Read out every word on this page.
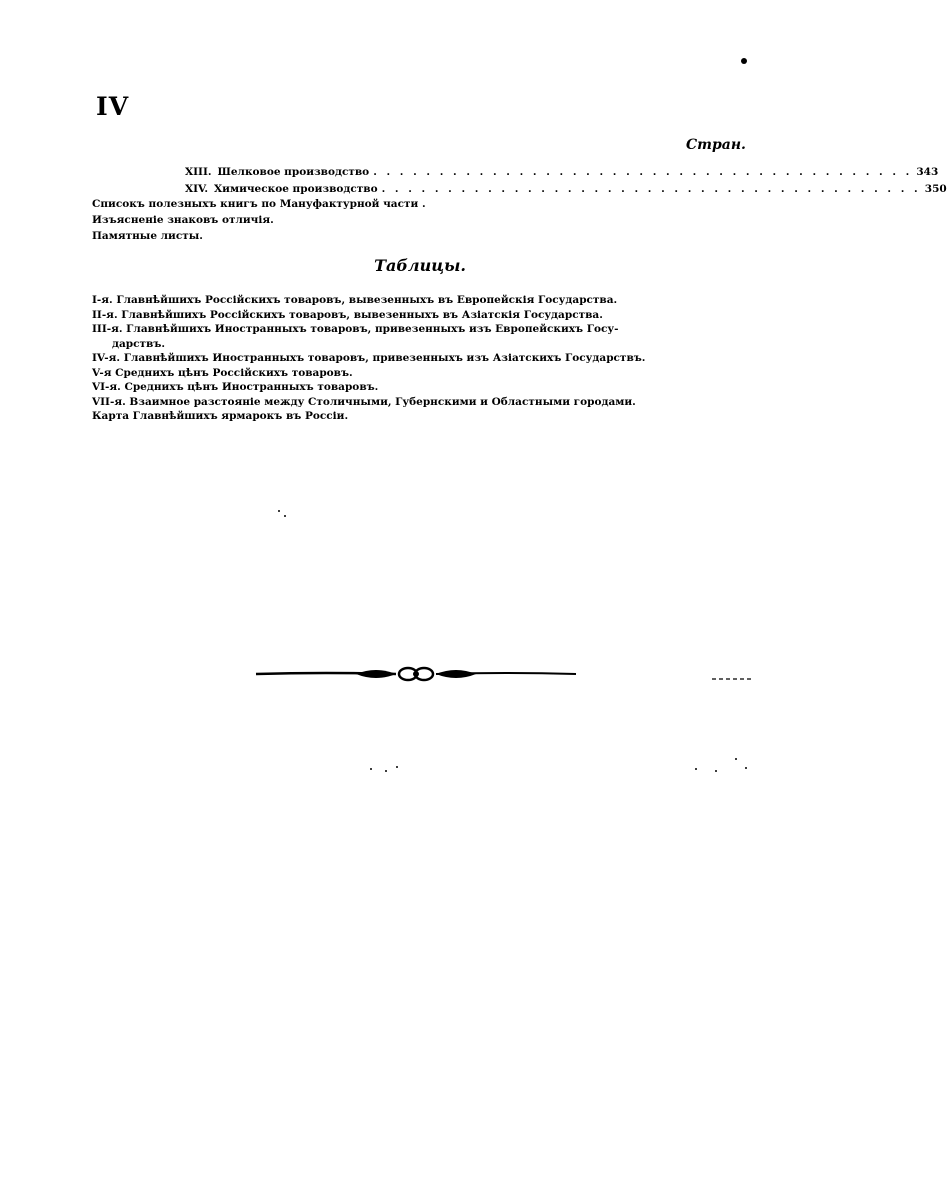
IV
Стран.
XIII. Шелковое производство . . . . . . . . . . . . . . . . . . . . . . . . . . . . . . . . . . . . . . . . . 343
XIV. Химическое производство . . . . . . . . . . . . . . . . . . . . . . . . . . . . . . . . . . . . . . . . . 350
Списокъ полезныхъ книгъ по Мануфактурной части .
Изъясненіе знаковъ отличія.
Памятные листы.
Таблицы.
I-я. Главнѣйшихъ Россійскихъ товаровъ, вывезенныхъ въ Европейскія Государства.
II-я. Главнѣйшихъ Россійскихъ товаровъ, вывезенныхъ въ Азіатскія Государства.
III-я. Главнѣйшихъ Иностранныхъ товаровъ, привезенныхъ изъ Европейскихъ Госу-
дарствъ.
IV-я. Главнѣйшихъ Иностранныхъ товаровъ, привезенныхъ изъ Азіатскихъ Государствъ.
V-я Среднихъ цѣнъ Россійскихъ товаровъ.
VI-я. Среднихъ цѣнъ Иностранныхъ товаровъ.
VII-я. Взаимное разстояніе между Столичными, Губернскими и Областными городами.
Карта Главнѣйшихъ ярмарокъ въ Россіи.
